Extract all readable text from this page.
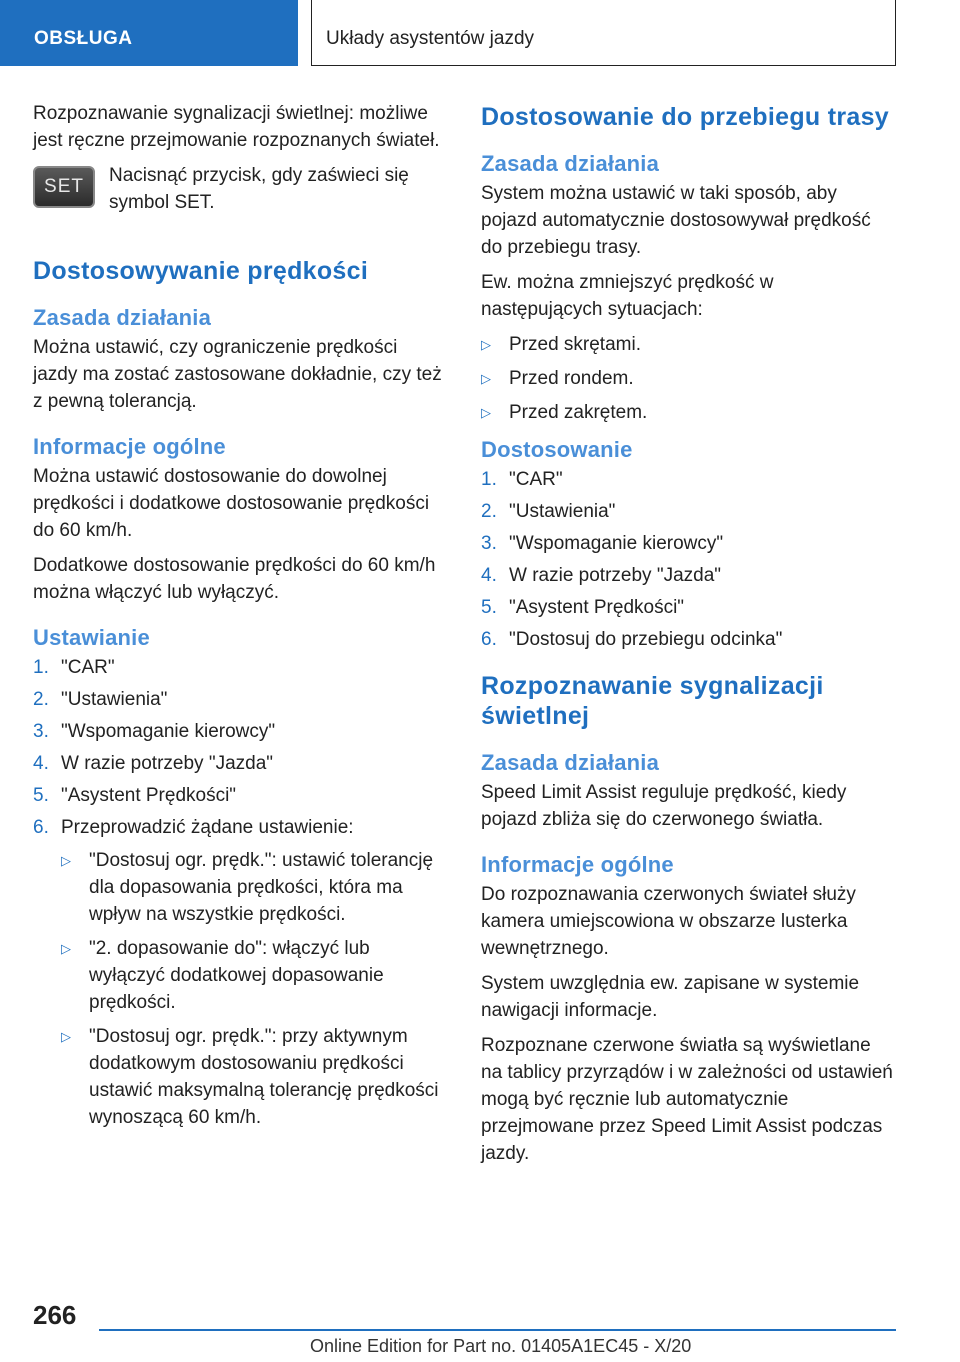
OBSŁUGA	Układy asystentów jazdy

Rozpoznawanie sygnalizacji świetlnej: możliwe jest ręczne przejmowanie rozpoznanych świateł.

SET

Nacisnąć przycisk, gdy zaświeci się symbol SET.

Dostosowywanie prędkości
Zasada działania

Można ustawić, czy ograniczenie prędkości jazdy ma zostać zastosowane dokładnie, czy też z pewną tolerancją.

Informacje ogólne

Można ustawić dostosowanie do dowolnej prędkości i dodatkowe dostosowanie prędkości do 60 km/h.

Dodatkowe dostosowanie prędkości do 60 km/h można włączyć lub wyłączyć.

Ustawianie
1. "CAR"
2. "Ustawienia"
3. "Wspomaganie kierowcy"
4. W razie potrzeby "Jazda"
5. "Asystent Prędkości"
6. Przeprowadzić żądane ustawienie:
▷ "Dostosuj ogr. prędk.": ustawić tolerancję dla dopasowania prędkości, która ma wpływ na wszystkie prędkości.
▷ "2. dopasowanie do": włączyć lub wyłączyć dodatkowej dopasowanie prędkości.
▷ "Dostosuj ogr. prędk.": przy aktywnym dodatkowym dostosowaniu prędkości ustawić maksymalną tolerancję prędkości wynoszącą 60 km/h.
Dostosowanie do przebiegu trasy
Zasada działania

System można ustawić w taki sposób, aby pojazd automatycznie dostosowywał prędkość do przebiegu trasy.

Ew. można zmniejszyć prędkość w następujących sytuacjach:

▷ Przed skrętami.
▷ Przed rondem.
▷ Przed zakrętem.
Dostosowanie
1. "CAR"
2. "Ustawienia"
3. "Wspomaganie kierowcy"
4. W razie potrzeby "Jazda"
5. "Asystent Prędkości"
6. "Dostosuj do przebiegu odcinka"
Rozpoznawanie sygnalizacji świetlnej
Zasada działania

Speed Limit Assist reguluje prędkość, kiedy pojazd zbliża się do czerwonego światła.

Informacje ogólne

Do rozpoznawania czerwonych świateł służy kamera umiejscowiona w obszarze lusterka wewnętrznego.

System uwzględnia ew. zapisane w systemie nawigacji informacje.

Rozpoznane czerwone światła są wyświetlane na tablicy przyrządów i w zależności od ustawień mogą być ręcznie lub automatycznie przejmowane przez Speed Limit Assist podczas jazdy.

266
Online Edition for Part no. 01405A1EC45 - X/20
